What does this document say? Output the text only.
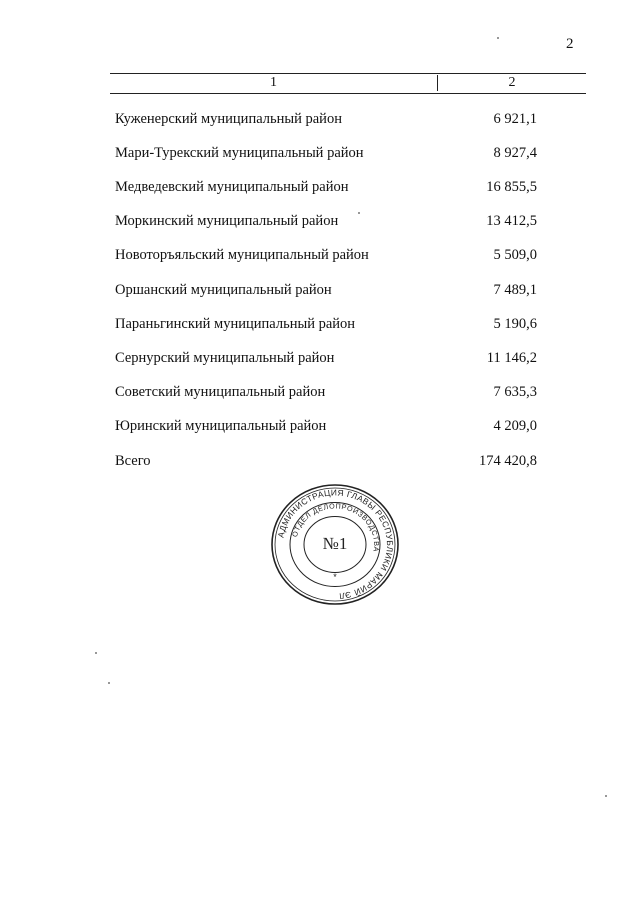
2
1	2
Куженерский муниципальный район	6 921,1
Мари-Турекский муниципальный район	8 927,4
Медведевский муниципальный район	16 855,5
Моркинский муниципальный район	13 412,5
Новоторъяльский муниципальный район	5 509,0
Оршанский муниципальный район	7 489,1
Параньгинский муниципальный район	5 190,6
Сернурский муниципальный район	11 146,2
Советский муниципальный район	7 635,3
Юринский муниципальный район	4 209,0
Всего	174 420,8
АДМИНИСТРАЦИЯ ГЛАВЫ РЕСПУБЛИКИ МАРИЙ ЭЛ
ОТДЕЛ ДЕЛОПРОИЗВОДСТВА
№1
*
